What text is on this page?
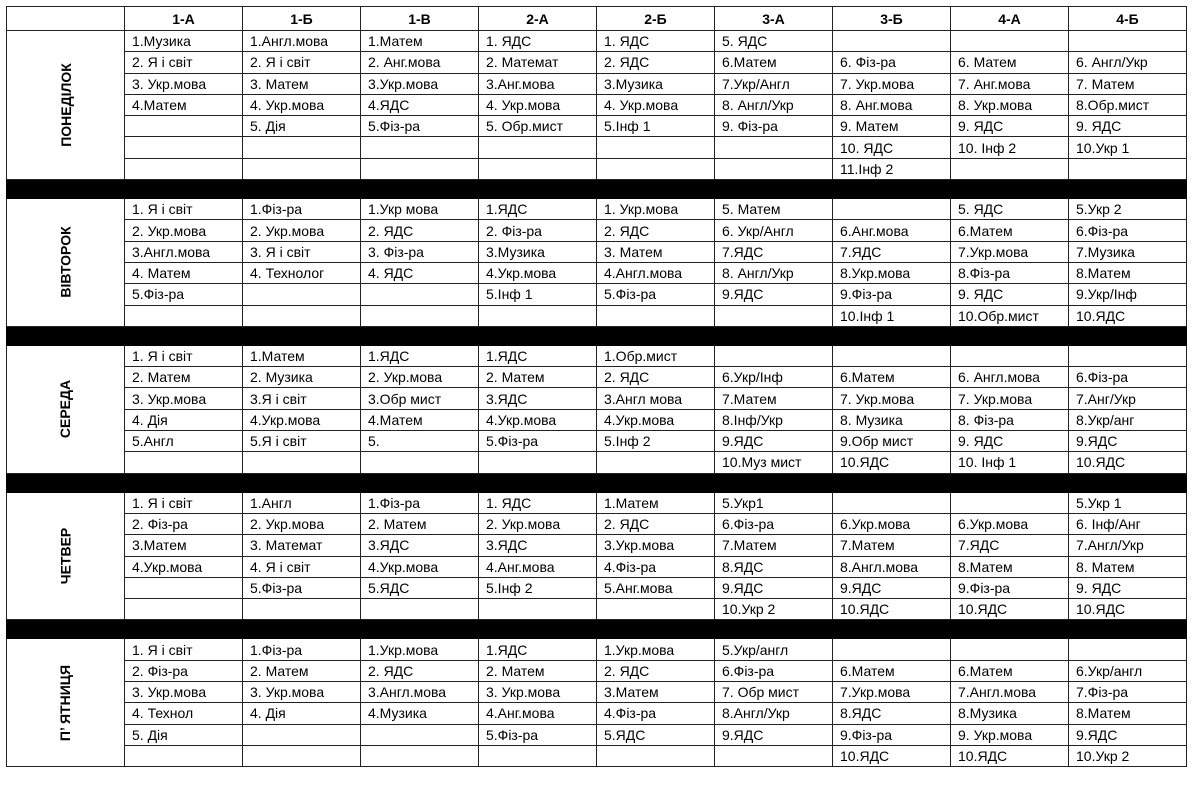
	1-А	1-Б	1-В	2-А	2-Б	3-А	3-Б	4-А	4-Б
ПОНЕДІЛОК	1.Музика	1.Англ.мова	1.Матем	1. ЯДС	1. ЯДС	5. ЯДС			
	2. Я і світ	2. Я і світ	2. Анг.мова	2. Математ	2. ЯДС	6.Матем	6. Фіз-ра	6. Матем	6. Англ/Укр
	3. Укр.мова	3. Матем	3.Укр.мова	3.Анг.мова	3.Музика	7.Укр/Англ	7. Укр.мова	7. Анг.мова	7. Матем
	4.Матем	4. Укр.мова	4.ЯДС	4. Укр.мова	4. Укр.мова	8. Англ/Укр	8. Анг.мова	8. Укр.мова	8.Обр.мист
		5. Дія	5.Фіз-ра	5. Обр.мист	5.Інф 1	9. Фіз-ра	9. Матем	9. ЯДС	9. ЯДС
							10. ЯДС	10. Інф 2	10.Укр 1
							11.Інф 2		

ВІВТОРОК	1. Я і світ	1.Фіз-ра	1.Укр мова	1.ЯДС	1. Укр.мова	5. Матем		5. ЯДС	5.Укр 2
	2. Укр.мова	2. Укр.мова	2. ЯДС	2. Фіз-ра	2. ЯДС	6. Укр/Англ	6.Анг.мова	6.Матем	6.Фіз-ра
	3.Англ.мова	3. Я і світ	3. Фіз-ра	3.Музика	3. Матем	7.ЯДС	7.ЯДС	7.Укр.мова	7.Музика
	4. Матем	4. Технолог	4. ЯДС	4.Укр.мова	4.Англ.мова	8. Англ/Укр	8.Укр.мова	8.Фіз-ра	8.Матем
	5.Фіз-ра			5.Інф 1	5.Фіз-ра	9.ЯДС	9.Фіз-ра	9. ЯДС	9.Укр/Інф
							10.Інф 1	10.Обр.мист	10.ЯДС

СЕРЕДА	1. Я і світ	1.Матем	1.ЯДС	1.ЯДС	1.Обр.мист				
	2. Матем	2. Музика	2. Укр.мова	2. Матем	2. ЯДС	6.Укр/Інф	6.Матем	6. Англ.мова	6.Фіз-ра
	3. Укр.мова	3.Я і світ	3.Обр мист	3.ЯДС	3.Англ мова	7.Матем	7. Укр.мова	7. Укр.мова	7.Анг/Укр
	4. Дія	4.Укр.мова	4.Матем	4.Укр.мова	4.Укр.мова	8.Інф/Укр	8. Музика	8. Фіз-ра	8.Укр/анг
	5.Англ	5.Я і світ	5.	5.Фіз-ра	5.Інф 2	9.ЯДС	9.Обр мист	9. ЯДС	9.ЯДС
						10.Муз мист	10.ЯДС	10. Інф 1	10.ЯДС

ЧЕТВЕР	1. Я і світ	1.Англ	1.Фіз-ра	1. ЯДС	1.Матем	5.Укр1			5.Укр 1
	2. Фіз-ра	2. Укр.мова	2. Матем	2. Укр.мова	2. ЯДС	6.Фіз-ра	6.Укр.мова	6.Укр.мова	6. Інф/Анг
	3.Матем	3. Математ	3.ЯДС	3.ЯДС	3.Укр.мова	7.Матем	7.Матем	7.ЯДС	7.Англ/Укр
	4.Укр.мова	4. Я і світ	4.Укр.мова	4.Анг.мова	4.Фіз-ра	8.ЯДС	8.Англ.мова	8.Матем	8. Матем
		5.Фіз-ра	5.ЯДС	5.Інф 2	5.Анг.мова	9.ЯДС	9.ЯДС	9.Фіз-ра	9. ЯДС
						10.Укр 2	10.ЯДС	10.ЯДС	10.ЯДС

П’ ЯТНИЦЯ	1. Я і світ	1.Фіз-ра	1.Укр.мова	1.ЯДС	1.Укр.мова	5.Укр/англ			
	2. Фіз-ра	2. Матем	2. ЯДС	2. Матем	2. ЯДС	6.Фіз-ра	6.Матем	6.Матем	6.Укр/англ
	3. Укр.мова	3. Укр.мова	3.Англ.мова	3. Укр.мова	3.Матем	7. Обр мист	7.Укр.мова	7.Англ.мова	7.Фіз-ра
	4. Технол	4. Дія	4.Музика	4.Анг.мова	4.Фіз-ра	8.Англ/Укр	8.ЯДС	8.Музика	8.Матем
	5. Дія			5.Фіз-ра	5.ЯДС	9.ЯДС	9.Фіз-ра	9. Укр.мова	9.ЯДС
							10.ЯДС	10.ЯДС	10.Укр 2
